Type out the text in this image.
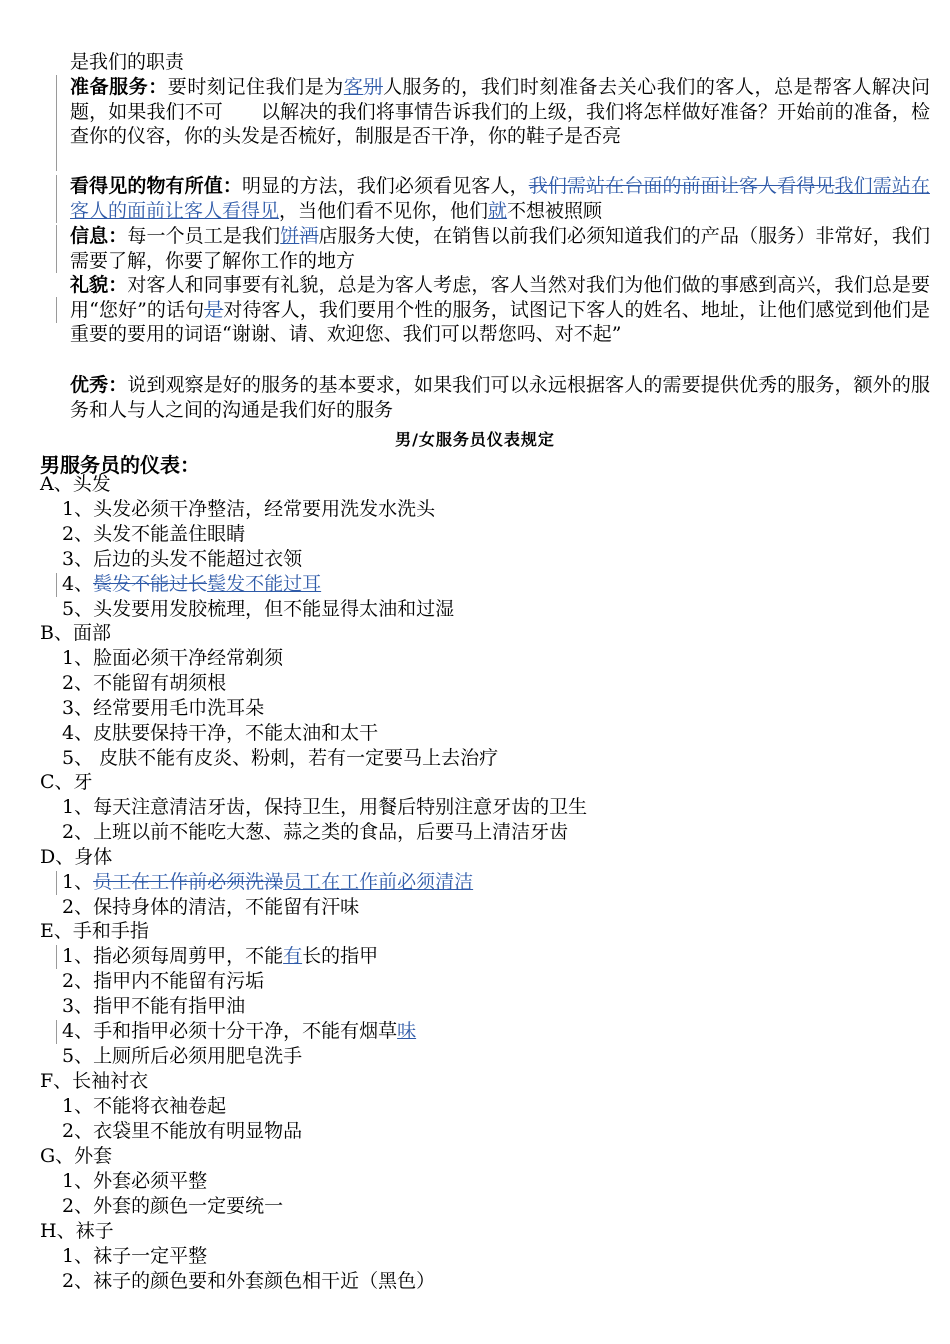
是我们的职责
准备服务：要时刻记住我们是为客别人服务的，我们时刻准备去关心我们的客人，总是帮客人解决问题，如果我们不可 以解决的我们将事情告诉我们的上级，我们将怎样做好准备？开始前的准备，检查你的仪容，你的头发是否梳好，制服是否干净，你的鞋子是否亮
看得见的物有所值：明显的方法，我们必须看见客人，我们需站在台面的前面让客人看得见我们需站在客人的面前让客人看得见，当他们看不见你，他们就不想被照顾
信息：每一个员工是我们饼酒店服务大使，在销售以前我们必须知道我们的产品（服务）非常好，我们需要了解，你要了解你工作的地方
礼貌：对客人和同事要有礼貌，总是为客人考虑，客人当然对我们为他们做的事感到高兴，我们总是要用“您好”的话句是对待客人，我们要用个性的服务，试图记下客人的姓名、地址，让他们感觉到他们是重要的要用的词语“谢谢、请、欢迎您、我们可以帮您吗、对不起”
优秀：说到观察是好的服务的基本要求，如果我们可以永远根据客人的需要提供优秀的服务，额外的服务和人与人之间的沟通是我们好的服务
男/女服务员仪表规定
男服务员的仪表：
A、头发
1、头发必须干净整洁，经常要用洗发水洗头
2、头发不能盖住眼睛
3、后边的头发不能超过衣领
4、鬓发不能过长鬓发不能过耳
5、头发要用发胶梳理，但不能显得太油和过湿
B、面部
1、脸面必须干净经常剃须
2、不能留有胡须根
3、经常要用毛巾洗耳朵
4、皮肤要保持干净，不能太油和太干
5、 皮肤不能有皮炎、粉刺，若有一定要马上去治疗
C、牙
1、每天注意清洁牙齿，保持卫生，用餐后特别注意牙齿的卫生
2、上班以前不能吃大葱、蒜之类的食品，后要马上清洁牙齿
D、身体
1、员工在工作前必须洗澡员工在工作前必须清洁
2、保持身体的清洁，不能留有汗味
E、手和手指
1、指必须每周剪甲，不能有长的指甲
2、指甲内不能留有污垢
3、指甲不能有指甲油
4、手和指甲必须十分干净，不能有烟草味
5、上厕所后必须用肥皂洗手
F、长袖衬衣
1、不能将衣袖卷起
2、衣袋里不能放有明显物品
G、外套
1、外套必须平整
2、外套的颜色一定要统一
H、袜子
1、袜子一定平整
2、袜子的颜色要和外套颜色相干近（黑色）
